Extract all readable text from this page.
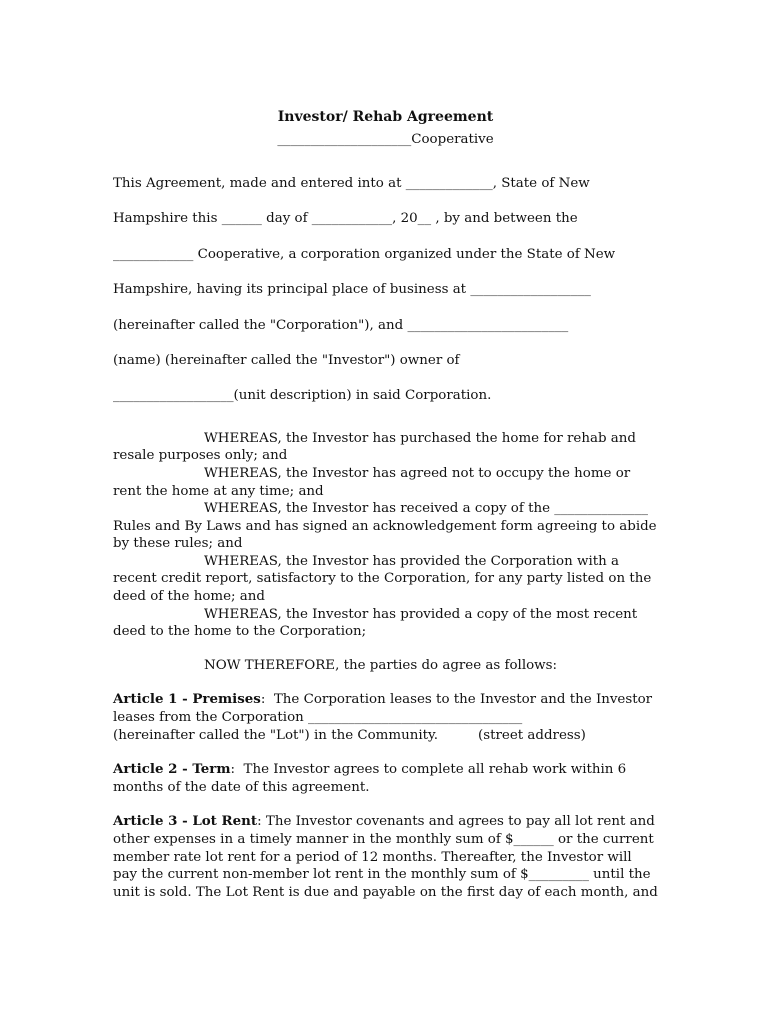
Investor/ Rehab Agreement

____________________Cooperative

This Agreement, made and entered into at _____________, State of New

Hampshire this ______ day of ____________, 20__ , by and between the

____________ Cooperative, a corporation organized under the State of New

Hampshire, having its principal place of business at __________________

(hereinafter called the "Corporation"), and ________________________

(name) (hereinafter called the "Investor") owner of

__________________(unit description) in said Corporation.

WHEREAS, the Investor has purchased the home for rehab and resale purposes only; and

WHEREAS, the Investor has agreed not to occupy the home or rent the home at any time; and

WHEREAS, the Investor has received a copy of the ______________ Rules and By Laws and has signed an acknowledgement form agreeing to abide by these rules; and

WHEREAS, the Investor has provided the Corporation with a recent credit report, satisfactory to the Corporation, for any party listed on the deed of the home; and

WHEREAS, the Investor has provided a copy of the most recent deed to the home to the Corporation;

NOW THEREFORE, the parties do agree as follows:

Article 1 - Premises:  The Corporation leases to the Investor and the Investor leases from the Corporation ________________________________
(hereinafter called the "Lot") in the Community.	(street address)

Article 2 - Term:  The Investor agrees to complete all rehab work within 6 months of the date of this agreement.

Article 3 - Lot Rent: The Investor covenants and agrees to pay all lot rent and other expenses in a timely manner in the monthly sum of $______ or the current member rate lot rent for a period of 12 months. Thereafter, the Investor will pay the current non-member lot rent in the monthly sum of $_________ until the unit is sold. The Lot Rent is due and payable on the first day of each month, and
